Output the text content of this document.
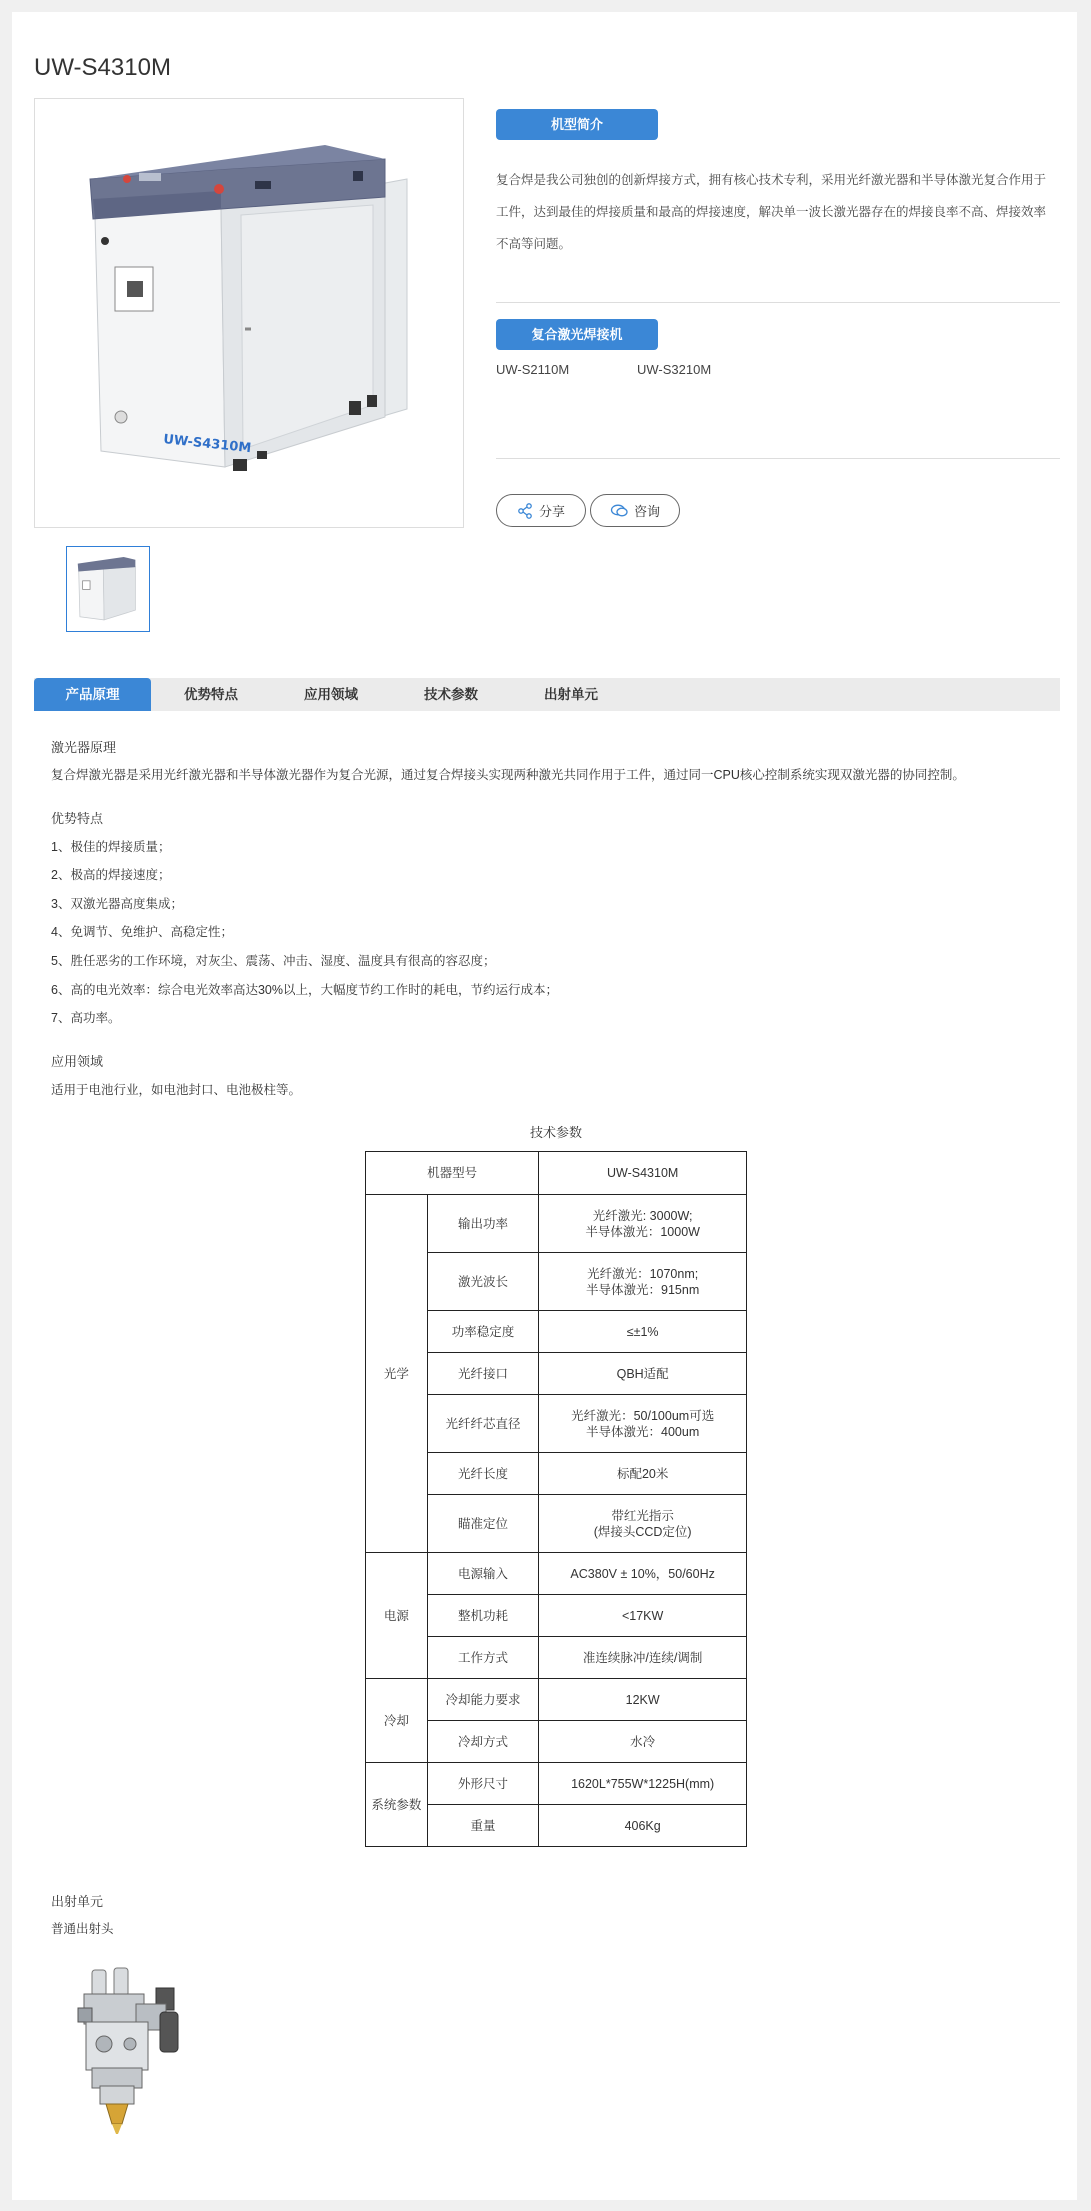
UW-S4310M
UW-S4310M
机型简介

复合焊是我公司独创的创新焊接方式，拥有核心技术专利，采用光纤激光器和半导体激光复合作用于工件，达到最佳的焊接质量和最高的焊接速度，解决单一波长激光器存在的焊接良率不高、焊接效率不高等问题。

复合激光焊接机
UW-S2110M	UW-S3210M
分享	咨询
产品原理	优势特点	应用领域	技术参数	出射单元
激光器原理
复合焊激光器是采用光纤激光器和半导体激光器作为复合光源，通过复合焊接头实现两种激光共同作用于工件，通过同一CPU核心控制系统实现双激光器的协同控制。
优势特点
1、极佳的焊接质量；
2、极高的焊接速度；
3、双激光器高度集成；
4、免调节、免维护、高稳定性；
5、胜任恶劣的工作环境，对灰尘、震荡、冲击、湿度、温度具有很高的容忍度；
6、高的电光效率：综合电光效率高达30%以上，大幅度节约工作时的耗电，节约运行成本；
7、高功率。
应用领域
适用于电池行业，如电池封口、电池极柱等。
技术参数
机器型号		UW-S4310M
光学	输出功率	光纤激光: 3000W;
半导体激光：1000W

	激光波长	光纤激光：1070nm;
半导体激光：915nm

	功率稳定度	≤±1%
	光纤接口	QBH适配
	光纤纤芯直径	光纤激光：50/100um可选
半导体激光：400um

	光纤长度	标配20米
	瞄准定位	带红光指示
(焊接头CCD定位)

电源	电源输入	AC380V ± 10%，50/60Hz
	整机功耗	<17KW
	工作方式	准连续脉冲/连续/调制
冷却	冷却能力要求	12KW
	冷却方式	水冷
系统参数	外形尺寸	1620L*755W*1225H(mm)
	重量	406Kg
出射单元
普通出射头
